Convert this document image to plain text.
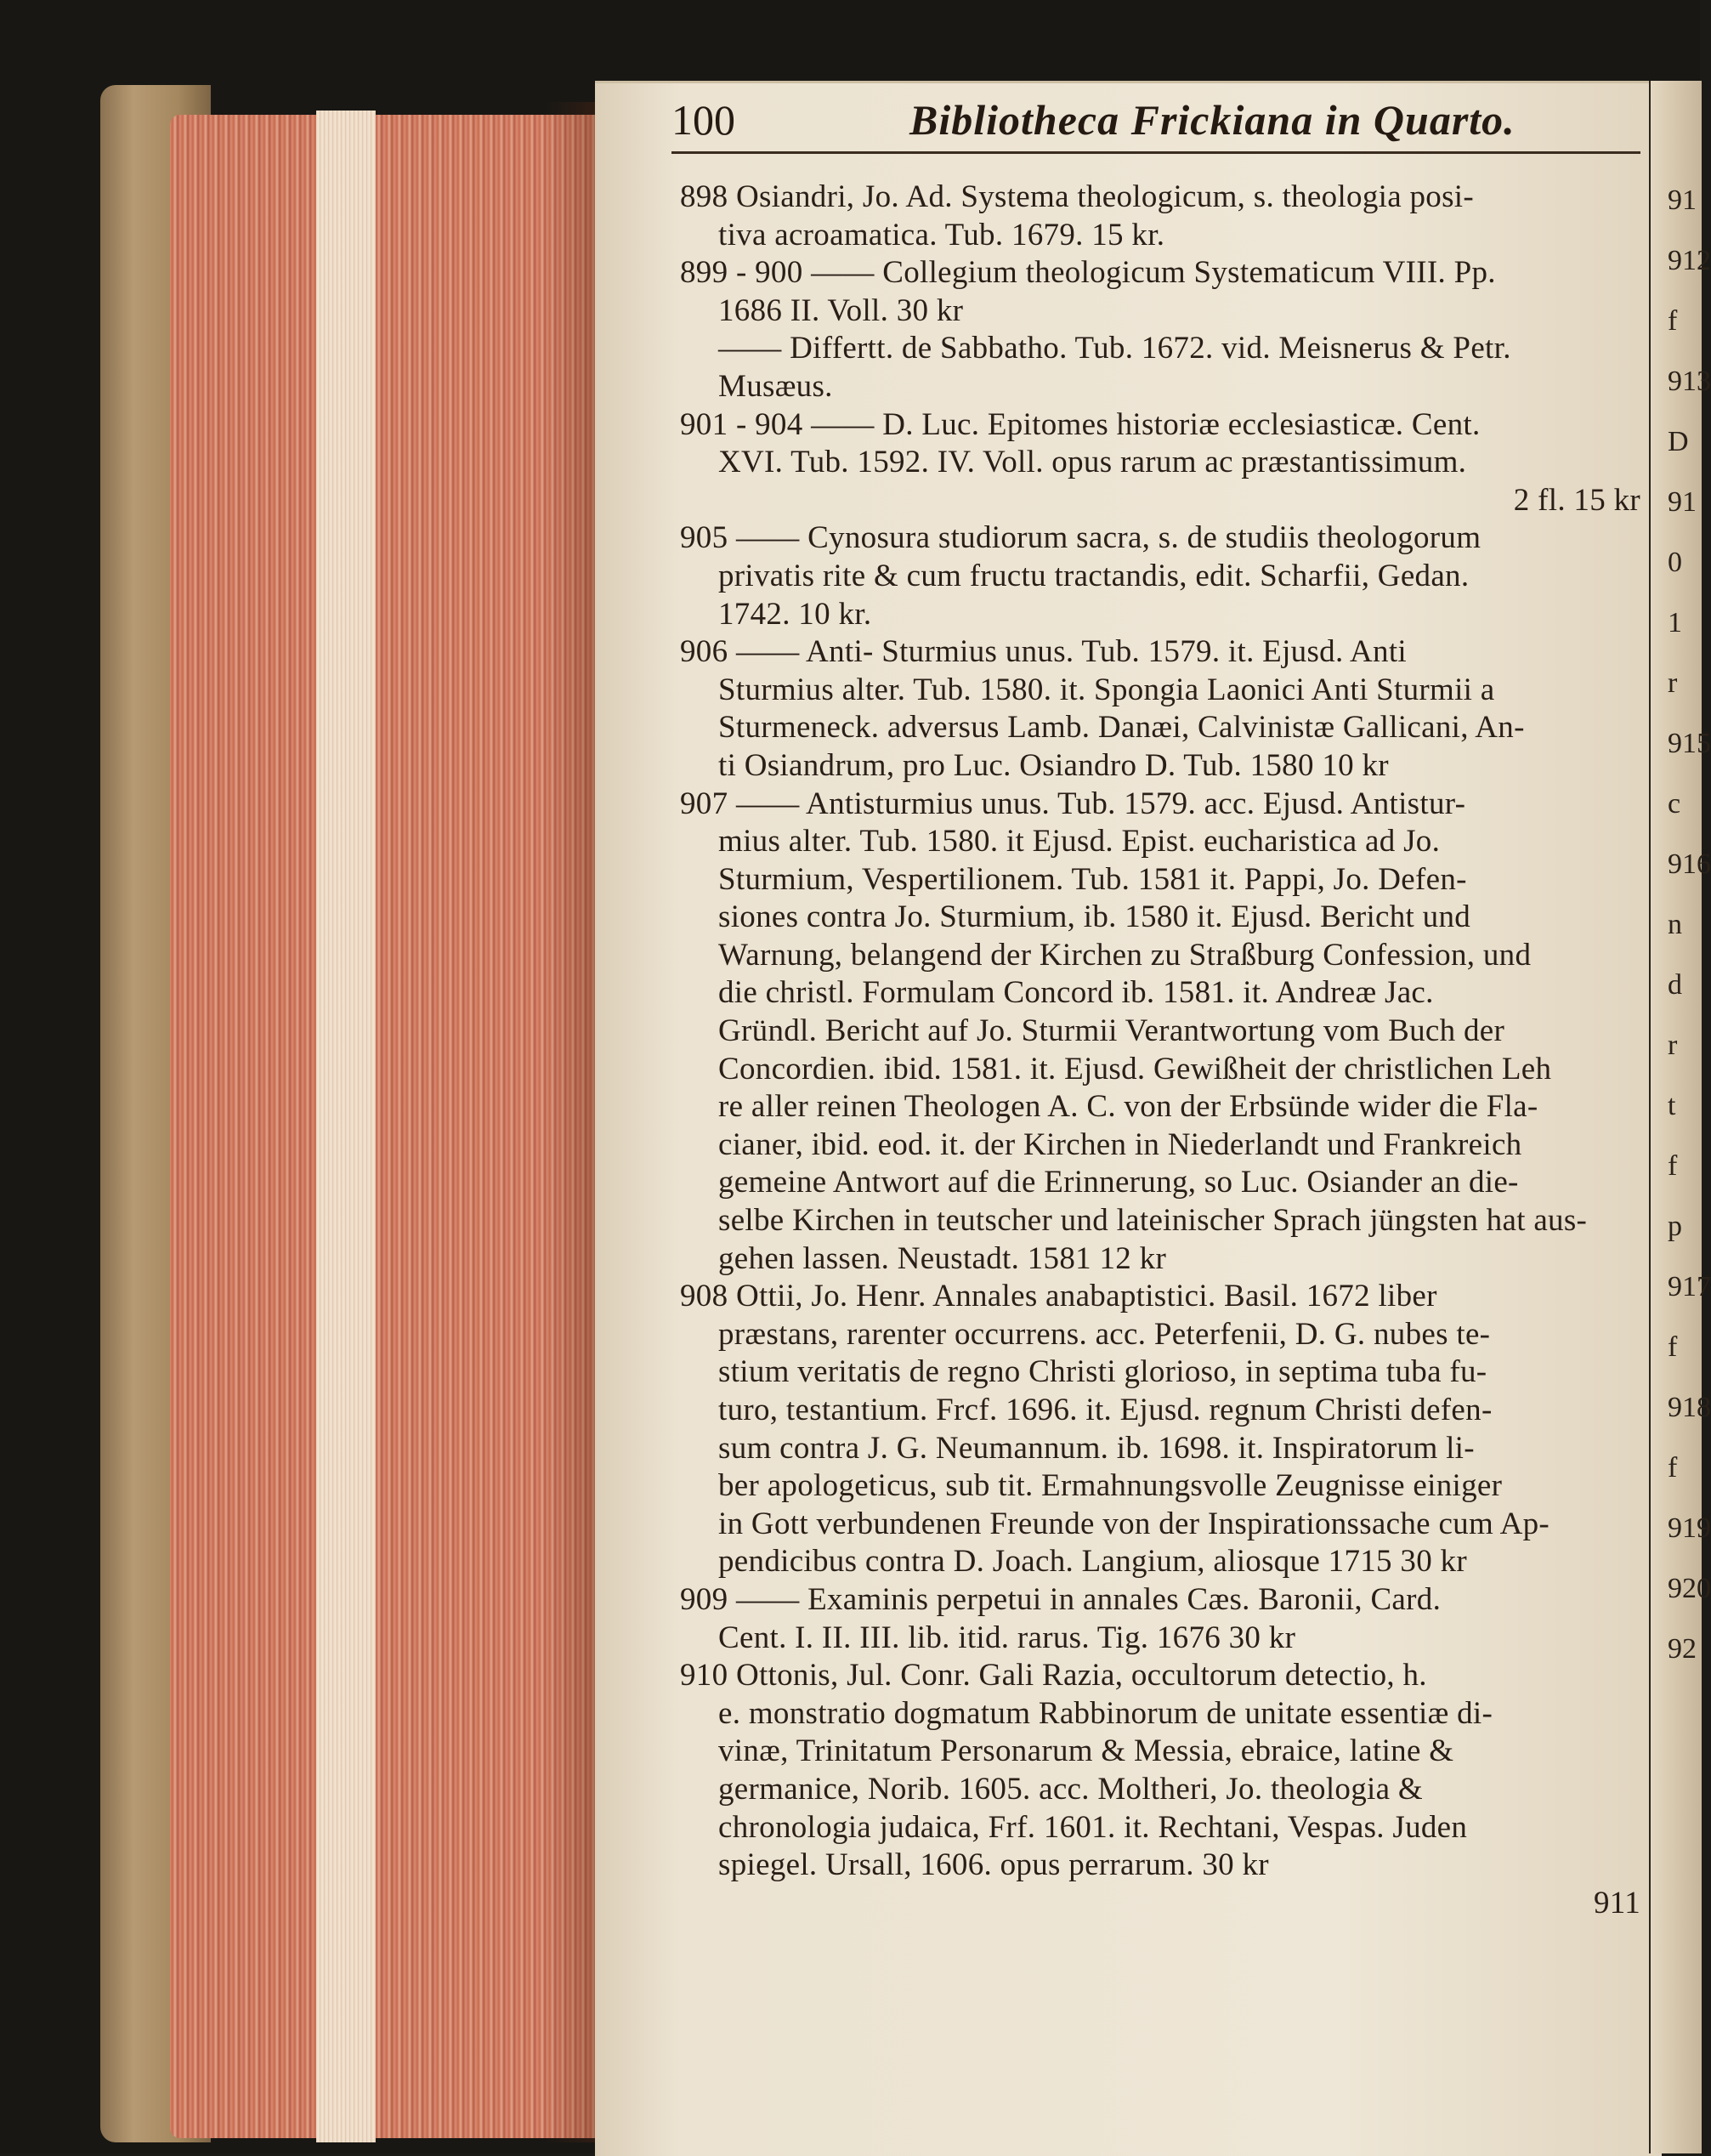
91
912
f
913
D
91
0
1
r
915
c
916
n
d
r
t
f
p
917
f
918
f
919
920
92
100	Bibliotheca Frickiana in Quarto.
898 Osiandri, Jo. Ad. Systema theologicum, s. theologia posi-
tiva acroamatica. Tub. 1679. 15 kr.
899 - 900 —— Collegium theologicum Systematicum VIII. Pp.
1686 II. Voll. 30 kr
—— Differtt. de Sabbatho. Tub. 1672. vid. Meisnerus & Petr.
Musæus.
901 - 904 —— D. Luc. Epitomes historiæ ecclesiasticæ. Cent.
XVI. Tub. 1592. IV. Voll. opus rarum ac præstantissimum.
2 fl. 15 kr
905 —— Cynosura studiorum sacra, s. de studiis theologorum
privatis rite & cum fructu tractandis, edit. Scharfii, Gedan.
1742. 10 kr.
906 —— Anti- Sturmius unus. Tub. 1579. it. Ejusd. Anti
Sturmius alter. Tub. 1580. it. Spongia Laonici Anti Sturmii a
Sturmeneck. adversus Lamb. Danæi, Calvinistæ Gallicani, An-
ti Osiandrum, pro Luc. Osiandro D. Tub. 1580 10 kr
907 —— Antisturmius unus. Tub. 1579. acc. Ejusd. Antistur-
mius alter. Tub. 1580. it Ejusd. Epist. eucharistica ad Jo.
Sturmium, Vespertilionem. Tub. 1581 it. Pappi, Jo. Defen-
siones contra Jo. Sturmium, ib. 1580 it. Ejusd. Bericht und
Warnung, belangend der Kirchen zu Straßburg Confession, und
die christl. Formulam Concord ib. 1581. it. Andreæ Jac.
Gründl. Bericht auf Jo. Sturmii Verantwortung vom Buch der
Concordien. ibid. 1581. it. Ejusd. Gewißheit der christlichen Leh
re aller reinen Theologen A. C. von der Erbsünde wider die Fla-
cianer, ibid. eod. it. der Kirchen in Niederlandt und Frankreich
gemeine Antwort auf die Erinnerung, so Luc. Osiander an die-
selbe Kirchen in teutscher und lateinischer Sprach jüngsten hat aus-
gehen lassen. Neustadt. 1581 12 kr
908 Ottii, Jo. Henr. Annales anabaptistici. Basil. 1672 liber
præstans, rarenter occurrens. acc. Peterfenii, D. G. nubes te-
stium veritatis de regno Christi glorioso, in septima tuba fu-
turo, testantium. Frcf. 1696. it. Ejusd. regnum Christi defen-
sum contra J. G. Neumannum. ib. 1698. it. Inspiratorum li-
ber apologeticus, sub tit. Ermahnungsvolle Zeugnisse einiger
in Gott verbundenen Freunde von der Inspirationssache cum Ap-
pendicibus contra D. Joach. Langium, aliosque 1715 30 kr
909 —— Examinis perpetui in annales Cæs. Baronii, Card.
Cent. I. II. III. lib. itid. rarus. Tig. 1676 30 kr
910 Ottonis, Jul. Conr. Gali Razia, occultorum detectio, h.
e. monstratio dogmatum Rabbinorum de unitate essentiæ di-
vinæ, Trinitatum Personarum & Messia, ebraice, latine &
germanice, Norib. 1605. acc. Moltheri, Jo. theologia &
chronologia judaica, Frf. 1601. it. Rechtani, Vespas. Juden
spiegel. Ursall, 1606. opus perrarum. 30 kr
911
